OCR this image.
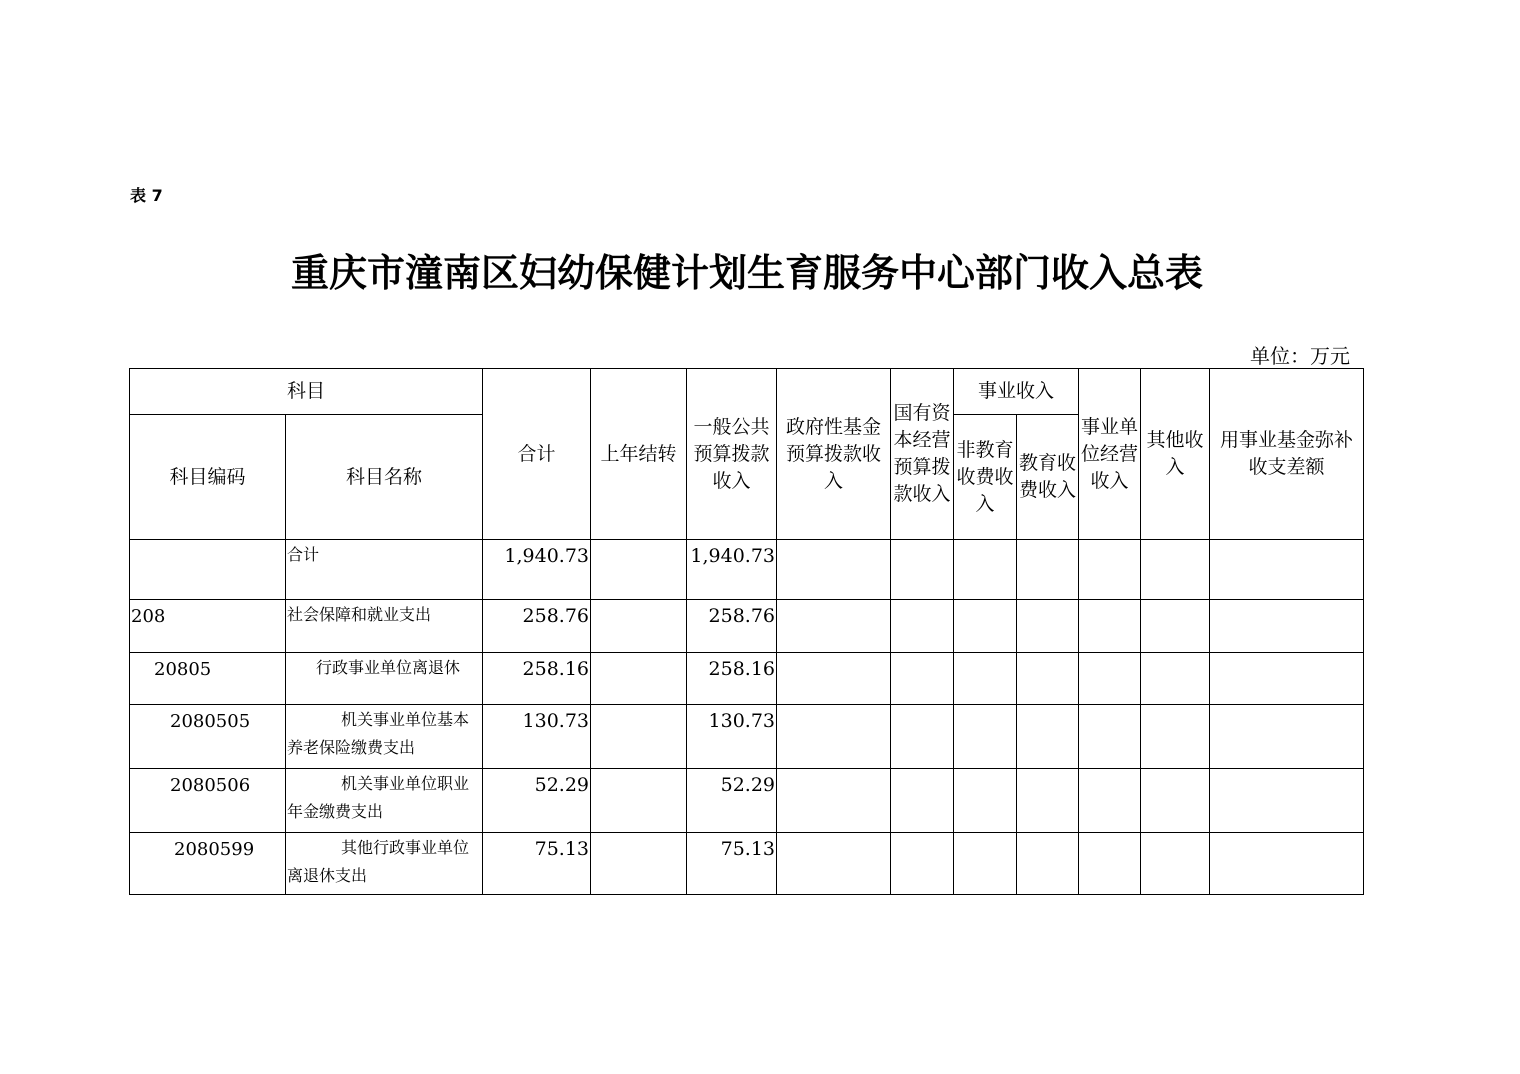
表 7
重庆市潼南区妇幼保健计划生育服务中心部门收入总表
单位：万元
科目		合计	上年结转	一般公共预算拨款收入	政府性基金预算拨款收入	国有资本经营预算拨款收入	事业收入		事业单位经营收入	其他收入	用事业基金弥补收支差额
科目编码	科目名称						非教育收费收入	教育收费收入			
	合计	1,940.73		1,940.73							
208	社会保障和就业支出	258.76		258.76							
20805	行政事业单位离退休	258.16		258.16							
2080505	机关事业单位基本养老保险缴费支出	130.73		130.73							
2080506	机关事业单位职业年金缴费支出	52.29		52.29							
2080599	其他行政事业单位离退休支出	75.13		75.13							
